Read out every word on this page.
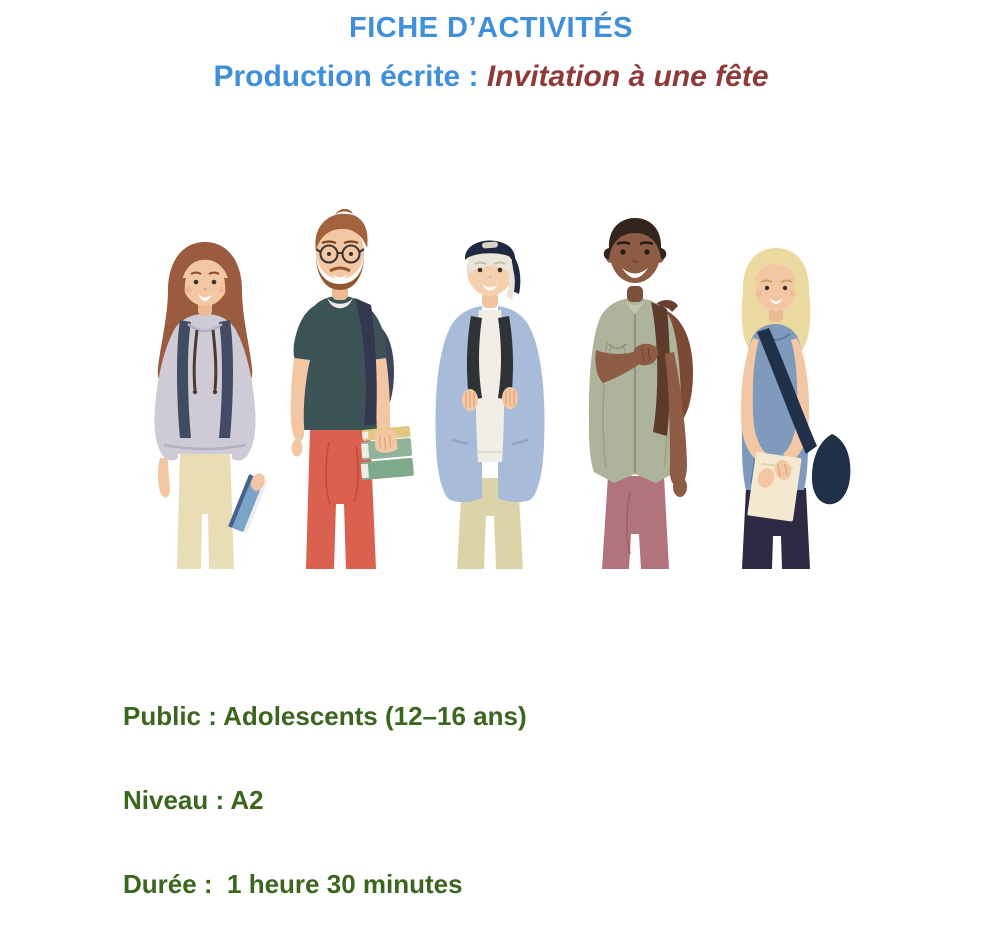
FICHE D’ACTIVITÉS
Production écrite : Invitation à une fête

Public : Adolescents (12–16 ans)

Niveau : A2

Durée :  1 heure 30 minutes
